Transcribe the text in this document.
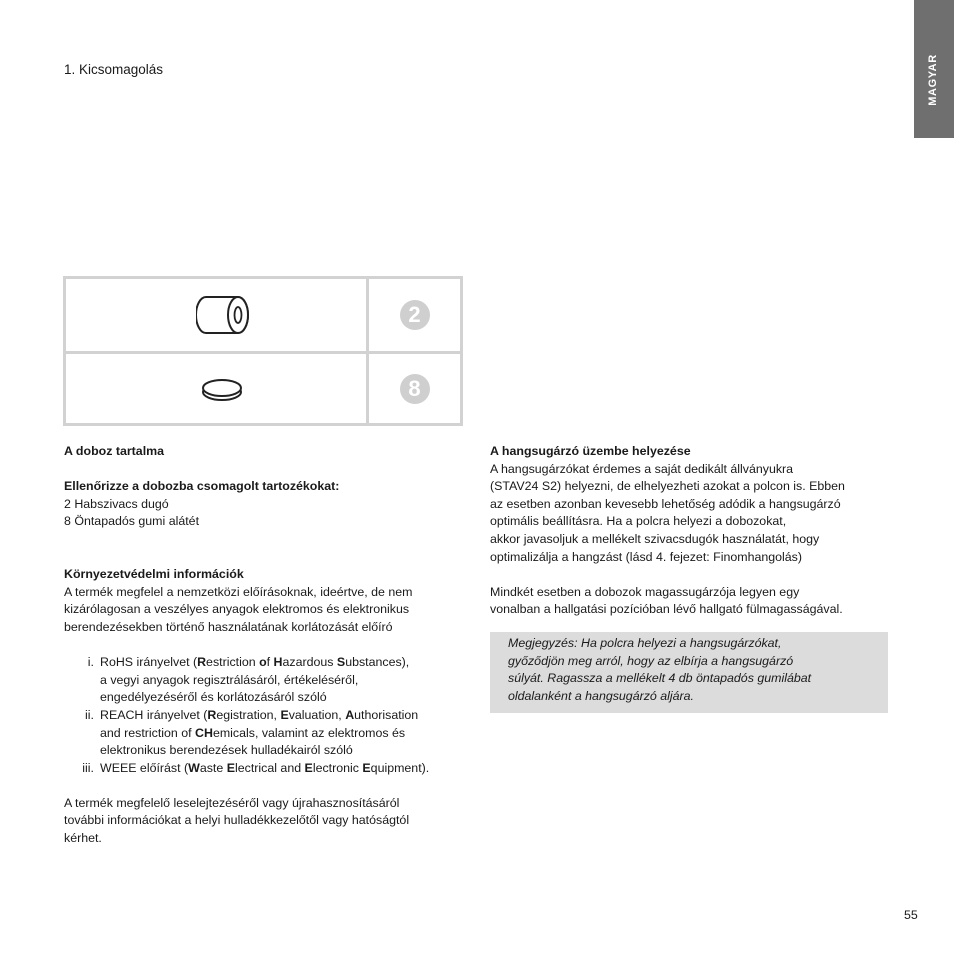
1. Kicsomagolás	MAGYAR
2
8

A doboz tartalma

Ellenőrizze a dobozba csomagolt tartozékokat:

2 Habszivacs dugó

8 Öntapadós gumi alátét

Környezetvédelmi információk

A termék megfelel a nemzetközi előírásoknak, ideértve, de nem

kizárólagosan a veszélyes anyagok elektromos és elektronikus

berendezésekben történő használatának korlátozását előíró

i. RoHS irányelvet (Restriction of Hazardous Substances),
a vegyi anyagok regisztrálásáról, értékeléséről,
engedélyezéséről és korlátozásáról szóló
ii. REACH irányelvet (Registration, Evaluation, Authorisation
and restriction of CHemicals, valamint az elektromos és
elektronikus berendezések hulladékairól szóló
iii. WEEE előírást (Waste Electrical and Electronic Equipment).

A termék megfelelő leselejtezéséről vagy újrahasznosításáról

további információkat a helyi hulladékkezelőtől vagy hatóságtól

kérhet.

A hangsugárzó üzembe helyezése

A hangsugárzókat érdemes a saját dedikált állványukra

(STAV24 S2) helyezni, de elhelyezheti azokat a polcon is. Ebben

az esetben azonban kevesebb lehetőség adódik a hangsugárzó

optimális beállításra. Ha a polcra helyezi a dobozokat,

akkor javasoljuk a mellékelt szivacsdugók használatát, hogy

optimalizálja a hangzást (lásd 4. fejezet: Finomhangolás)

Mindkét esetben a dobozok magassugárzója legyen egy

vonalban a hallgatási pozícióban lévő hallgató fülmagasságával.

Megjegyzés: Ha polcra helyezi a hangsugárzókat,

győződjön meg arról, hogy az elbírja a hangsugárzó

súlyát. Ragassza a mellékelt 4 db öntapadós gumilábat

oldalanként a hangsugárzó aljára.

55
